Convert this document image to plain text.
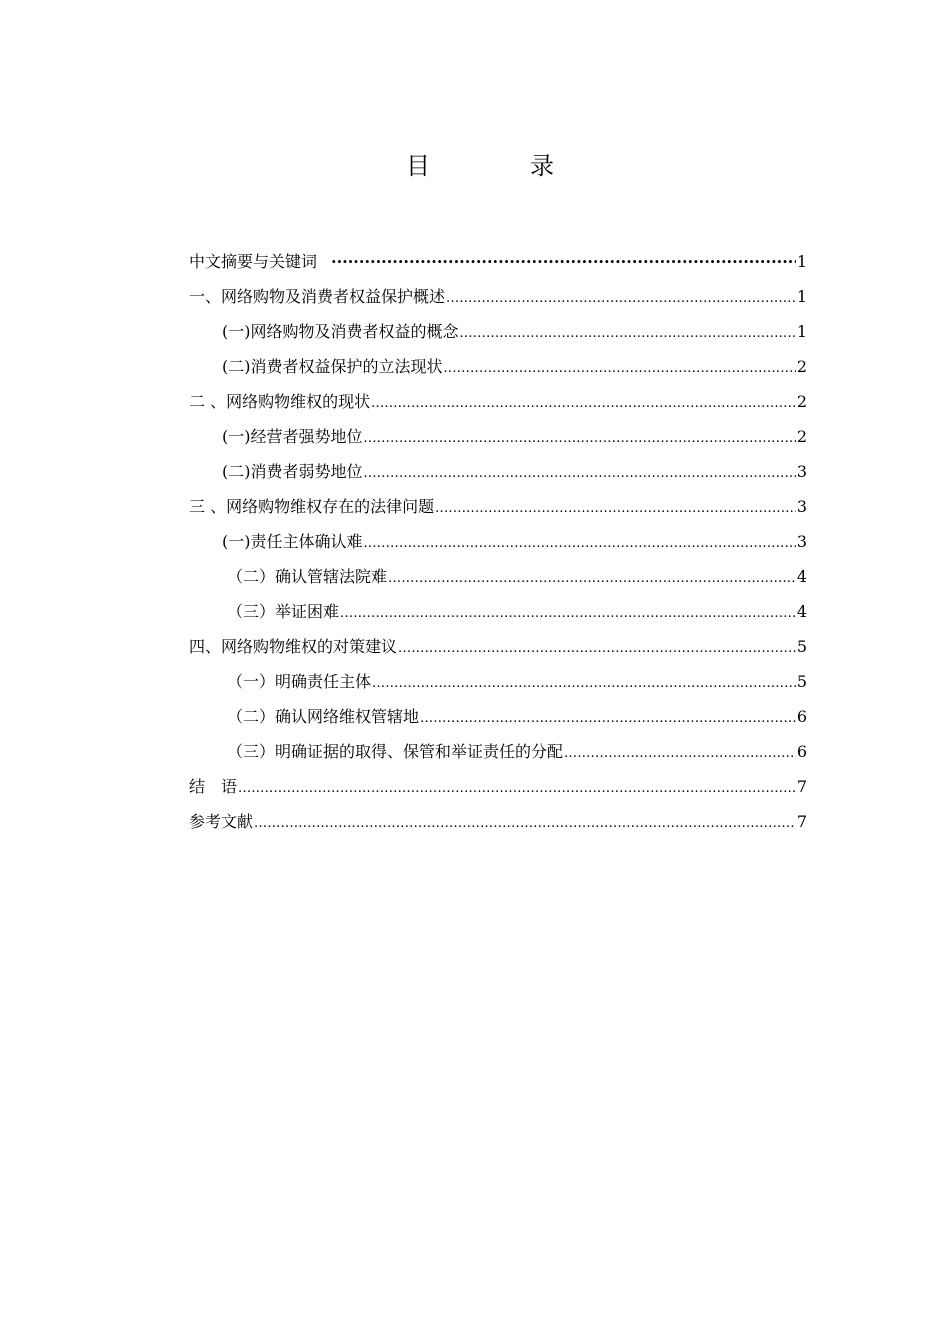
目　录
中文摘要与关键词 ·····	1
一、网络购物及消费者权益保护概述 .....	1
(一)网络购物及消费者权益的概念 .....	1
(二)消费者权益保护的立法现状 .....	2
二 、网络购物维权的现状 .....	2
(一)经营者强势地位 .....	2
(二)消费者弱势地位 .....	3
三 、网络购物维权存在的法律问题 .....	3
(一)责任主体确认难 .....	3
（二）确认管辖法院难 .....	4
（三）举证困难 .....	4
四、网络购物维权的对策建议 .....	5
（一）明确责任主体 .....	5
（二）确认网络维权管辖地 .....	6
（三）明确证据的取得、保管和举证责任的分配 .....	6
结　语 .....	7
参考文献 .....	7
